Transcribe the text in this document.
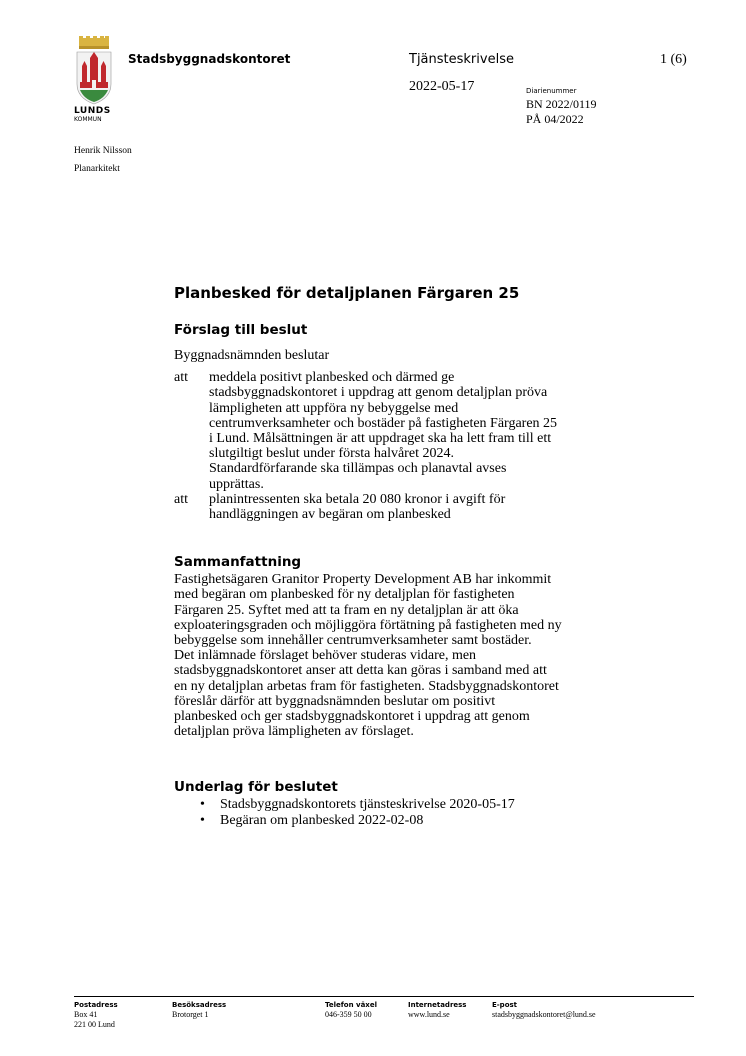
LUNDS
KOMMUN
Stadsbyggnadskontoret	Tjänsteskrivelse	1 (6)
2022-05-17	Diarienummer
BN 2022/0119
PÅ 04/2022
Henrik Nilsson
Planarkitekt
Planbesked för detaljplanen Färgaren 25
Förslag till beslut
Byggnadsnämnden beslutar
att	meddela positivt planbesked och därmed ge
stadsbyggnadskontoret i uppdrag att genom detaljplan pröva
lämpligheten att uppföra ny bebyggelse med
centrumverksamheter och bostäder på fastigheten Färgaren 25
i Lund. Målsättningen är att uppdraget ska ha lett fram till ett
slutgiltigt beslut under första halvåret 2024.
Standardförfarande ska tillämpas och planavtal avses
upprättas.
att	planintressenten ska betala 20 080 kronor i avgift för
handläggningen av begäran om planbesked
Sammanfattning
Fastighetsägaren Granitor Property Development AB har inkommit
med begäran om planbesked för ny detaljplan för fastigheten
Färgaren 25. Syftet med att ta fram en ny detaljplan är att öka
exploateringsgraden och möjliggöra förtätning på fastigheten med ny
bebyggelse som innehåller centrumverksamheter samt bostäder.
Det inlämnade förslaget behöver studeras vidare, men
stadsbyggnadskontoret anser att detta kan göras i samband med att
en ny detaljplan arbetas fram för fastigheten. Stadsbyggnadskontoret
föreslår därför att byggnadsnämnden beslutar om positivt
planbesked och ger stadsbyggnadskontoret i uppdrag att genom
detaljplan pröva lämpligheten av förslaget.
Underlag för beslutet
•	Stadsbyggnadskontorets tjänsteskrivelse 2020-05-17
•	Begäran om planbesked 2022-02-08
Postadress
Box 41
221 00 Lund
Besöksadress
Brotorget 1
Telefon växel
046-359 50 00
Internetadress
www.lund.se
E-post
stadsbyggnadskontoret@lund.se
